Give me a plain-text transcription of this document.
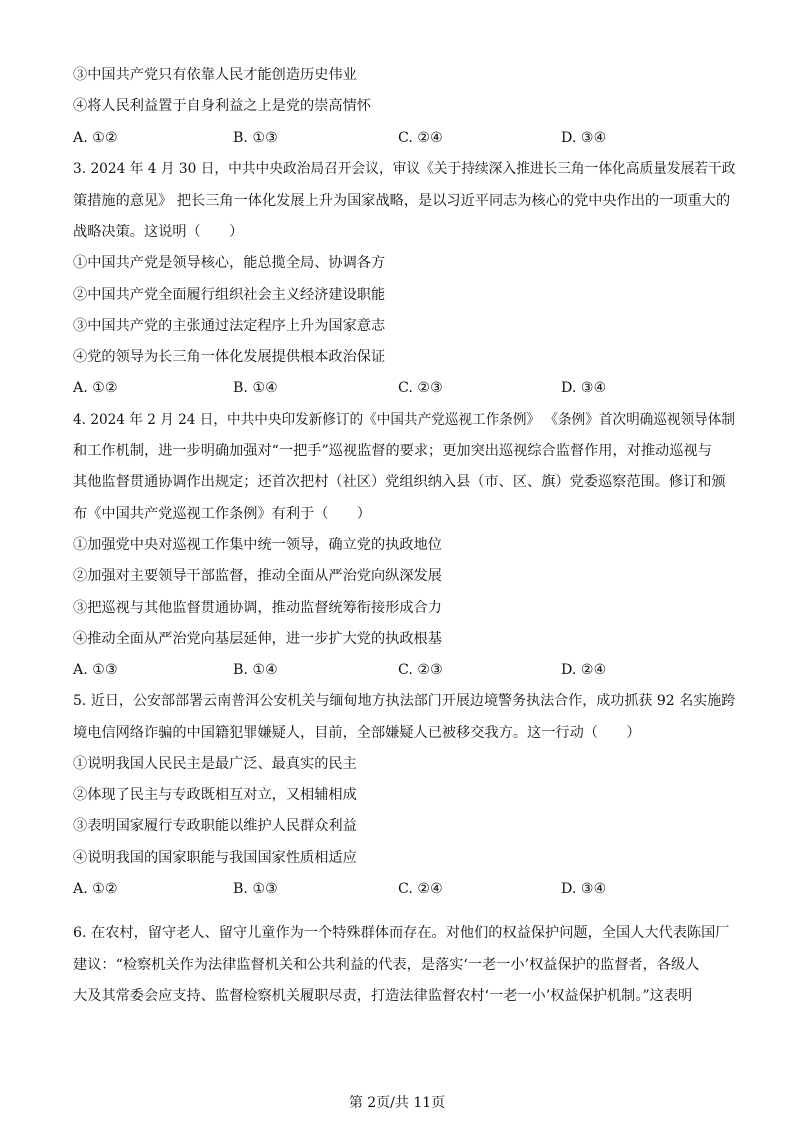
③中国共产党只有依靠人民才能创造历史伟业
④将人民利益置于自身利益之上是党的崇高情怀
A. ①②	B. ①③	C. ②④	D. ③④
3. 2024 年 4 月 30 日，中共中央政治局召开会议，审议《关于持续深入推进长三角一体化高质量发展若干政
策措施的意见》 把长三角一体化发展上升为国家战略，是以习近平同志为核心的党中央作出的一项重大的
战略决策。这说明（　　）
①中国共产党是领导核心，能总揽全局、协调各方
②中国共产党全面履行组织社会主义经济建设职能
③中国共产党的主张通过法定程序上升为国家意志
④党的领导为长三角一体化发展提供根本政治保证
A. ①②	B. ①④	C. ②③	D. ③④
4. 2024 年 2 月 24 日，中共中央印发新修订的《中国共产党巡视工作条例》 《条例》首次明确巡视领导体制
和工作机制，进一步明确加强对“一把手”巡视监督的要求；更加突出巡视综合监督作用，对推动巡视与
其他监督贯通协调作出规定；还首次把村（社区）党组织纳入县（市、区、旗）党委巡察范围。修订和颁
布《中国共产党巡视工作条例》有利于（　　）
①加强党中央对巡视工作集中统一领导，确立党的执政地位
②加强对主要领导干部监督，推动全面从严治党向纵深发展
③把巡视与其他监督贯通协调，推动监督统筹衔接形成合力
④推动全面从严治党向基层延伸，进一步扩大党的执政根基
A. ①③	B. ①④	C. ②③	D. ②④
5. 近日，公安部部署云南普洱公安机关与缅甸地方执法部门开展边境警务执法合作，成功抓获 92 名实施跨
境电信网络诈骗的中国籍犯罪嫌疑人，目前，全部嫌疑人已被移交我方。这一行动（　　）
①说明我国人民民主是最广泛、最真实的民主
②体现了民主与专政既相互对立，又相辅相成
③表明国家履行专政职能以维护人民群众利益
④说明我国的国家职能与我国国家性质相适应
A. ①②	B. ①③	C. ②④	D. ③④
6. 在农村，留守老人、留守儿童作为一个特殊群体而存在。对他们的权益保护问题，全国人大代表陈国厂
建议：“检察机关作为法律监督机关和公共利益的代表，是落实‘一老一小’权益保护的监督者，各级人
大及其常委会应支持、监督检察机关履职尽责，打造法律监督农村‘一老一小’权益保护机制。”这表明
第 2页/共 11页
